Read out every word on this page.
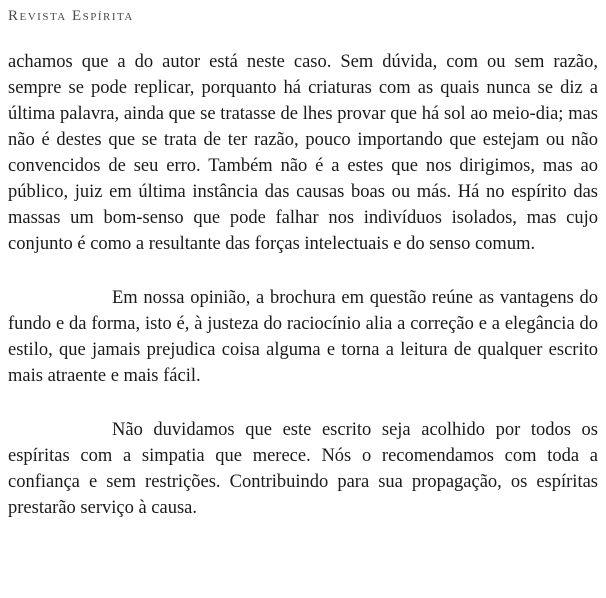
Revista Espírita

achamos que a do autor está neste caso. Sem dúvida, com ou sem razão, sempre se pode replicar, porquanto há criaturas com as quais nunca se diz a última palavra, ainda que se tratasse de lhes provar que há sol ao meio-dia; mas não é destes que se trata de ter razão, pouco importando que estejam ou não convencidos de seu erro. Também não é a estes que nos dirigimos, mas ao público, juiz em última instância das causas boas ou más. Há no espírito das massas um bom-senso que pode falhar nos indivíduos isolados, mas cujo conjunto é como a resultante das forças intelectuais e do senso comum.

Em nossa opinião, a brochura em questão reúne as vantagens do fundo e da forma, isto é, à justeza do raciocínio alia a correção e a elegância do estilo, que jamais prejudica coisa alguma e torna a leitura de qualquer escrito mais atraente e mais fácil.

Não duvidamos que este escrito seja acolhido por todos os espíritas com a simpatia que merece. Nós o recomendamos com toda a confiança e sem restrições. Contribuindo para sua propagação, os espíritas prestarão serviço à causa.
